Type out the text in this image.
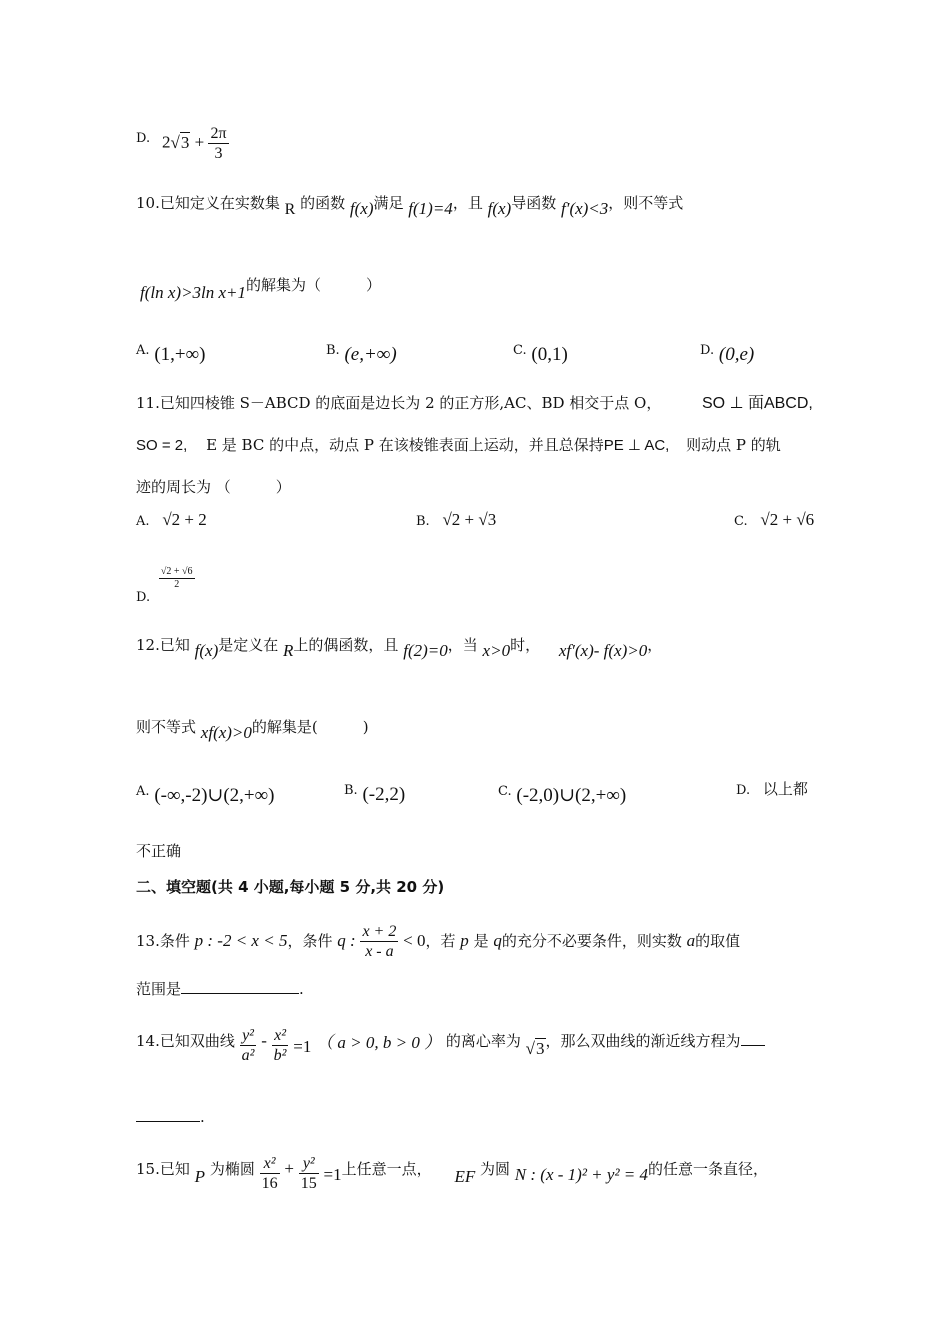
D. $2√3 + \frac{2\pi}{3}$
10.已知定义在实数集 R 的函数 f(x)满足 f(1)=4，且 f(x)导函数 f′(x)<3，则不等式
f(ln x)>3ln x+1的解集为（　　　）
A. (1,+∞)	B. (e,+∞)	C. (0,1)	D. (0,e)
11.已知四棱锥 S－ABCD 的底面是边长为 2 的正方形,AC、BD 相交于点 O，	SO ⊥ 面ABCD,
SO = 2, E 是 BC 的中点，动点 P 在该棱锥表面上运动，并且总保持PE ⊥ AC, 则动点 P 的轨
迹的周长为 （　　　）
A. √2 + 2	B. √2 + √3	C. √2 + √6
D.
$\frac{√2 + √6}{2}$
12.已知 f(x)是定义在 R上的偶函数，且 f(2)=0，当 x>0时， xf′(x)- f(x)>0，
则不等式 xf(x)>0的解集是(　　　)
A. (-∞,-2)∪(2,+∞)	B. (-2,2)	C. (-2,0)∪(2,+∞)	D. 以上都
不正确
二、填空题(共 4 小题,每小题 5 分,共 20 分)
13.条件 p : -2 < x < 5，条件 q : $\frac{x + 2}{x - a} < 0$，若 p 是 q的充分不必要条件，则实数 a的取值
范围是	.
14.已知双曲线 $\frac{\text{y²}}{\text{a²}} - \frac{\text{x²}}{\text{b²}} =1$ （ a > 0, b > 0 ） 的离心率为 √3，那么双曲线的渐近线方程为
.
15.已知 P 为椭圆 $\frac{\text{x²}}{16} + \frac{\text{y²}}{15} =1$上任意一点， EF 为圆 N : (x - 1)² + y² = 4的任意一条直径，
